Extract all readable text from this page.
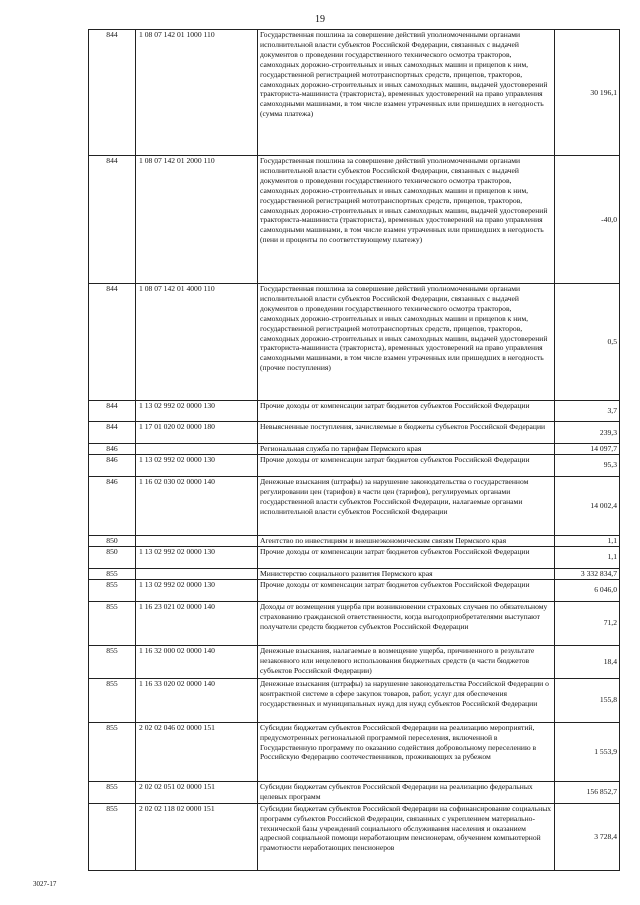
19
844	1 08 07 142 01 1000 110	Государственная пошлина за совершение действий уполномоченными органами исполнительной власти субъектов Российской Федерации, связанных с выдачей документов о проведении государственного технического осмотра тракторов, самоходных дорожно-строительных и иных самоходных машин и прицепов к ним, государственной регистрацией мототранспортных средств, прицепов, тракторов, самоходных дорожно-строительных и иных самоходных машин, выдачей удостоверений тракториста-машиниста (тракториста), временных удостоверений на право управления самоходными машинами, в том числе взамен утраченных или пришедших в негодность (сумма платежа)	30 196,1
844	1 08 07 142 01 2000 110	Государственная пошлина за совершение действий уполномоченными органами исполнительной власти субъектов Российской Федерации, связанных с выдачей документов о проведении государственного технического осмотра тракторов, самоходных дорожно-строительных и иных самоходных машин и прицепов к ним, государственной регистрацией мототранспортных средств, прицепов, тракторов, самоходных дорожно-строительных и иных самоходных машин, выдачей удостоверений тракториста-машиниста (тракториста), временных удостоверений на право управления самоходными машинами, в том числе взамен утраченных или пришедших в негодность (пени и проценты по соответствующему платежу)	-40,0
844	1 08 07 142 01 4000 110	Государственная пошлина за совершение действий уполномоченными органами исполнительной власти субъектов Российской Федерации, связанных с выдачей документов о проведении государственного технического осмотра тракторов, самоходных дорожно-строительных и иных самоходных машин и прицепов к ним, государственной регистрацией мототранспортных средств, прицепов, тракторов, самоходных дорожно-строительных и иных самоходных машин, выдачей удостоверений тракториста-машиниста (тракториста), временных удостоверений на право управления самоходными машинами, в том числе взамен утраченных или пришедших в негодность (прочие поступления)	0,5
844	1 13 02 992 02 0000 130	Прочие доходы от компенсации затрат бюджетов субъектов Российской Федерации	3,7
844	1 17 01 020 02 0000 180	Невыясненные поступления, зачисляемые в бюджеты субъектов Российской Федерации	239,3
846		Региональная служба по тарифам Пермского края	14 097,7
846	1 13 02 992 02 0000 130	Прочие доходы от компенсации затрат бюджетов субъектов Российской Федерации	95,3
846	1 16 02 030 02 0000 140	Денежные взыскания (штрафы) за нарушение законодательства о государственном регулировании цен (тарифов) в части цен (тарифов), регулируемых органами государственной власти субъектов Российской Федерации, налагаемые органами исполнительной власти субъектов Российской Федерации	14 002,4
850		Агентство по инвестициям и внешнеэкономическим связям Пермского края	1,1
850	1 13 02 992 02 0000 130	Прочие доходы от компенсации затрат бюджетов субъектов Российской Федерации	1,1
855		Министерство социального развития Пермского края	3 332 834,7
855	1 13 02 992 02 0000 130	Прочие доходы от компенсации затрат бюджетов субъектов Российской Федерации	6 046,0
855	1 16 23 021 02 0000 140	Доходы от возмещения ущерба при возникновении страховых случаев по обязательному страхованию гражданской ответственности, когда выгодоприобретателями выступают получатели средств бюджетов субъектов Российской Федерации	71,2
855	1 16 32 000 02 0000 140	Денежные взыскания, налагаемые в возмещение ущерба, причиненного в результате незаконного или нецелевого использования бюджетных средств (в части бюджетов субъектов Российской Федерации)	18,4
855	1 16 33 020 02 0000 140	Денежные взыскания (штрафы) за нарушение законодательства Российской Федерации о контрактной системе в сфере закупок товаров, работ, услуг для обеспечения государственных и муниципальных нужд для нужд субъектов Российской Федерации	155,8
855	2 02 02 046 02 0000 151	Субсидии бюджетам субъектов Российской Федерации на реализацию мероприятий, предусмотренных региональной программой переселения, включенной в Государственную программу по оказанию содействия добровольному переселению в Российскую Федерацию соотечественников, проживающих за рубежом	1 553,9
855	2 02 02 051 02 0000 151	Субсидии бюджетам субъектов Российской Федерации на реализацию федеральных целевых программ	156 852,7
855	2 02 02 118 02 0000 151	Субсидии бюджетам субъектов Российской Федерации на софинансирование социальных программ субъектов Российской Федерации, связанных с укреплением материально-технической базы учреждений социального обслуживания населения и оказанием адресной социальной помощи неработающим пенсионерам, обучением компьютерной грамотности неработающих пенсионеров	3 728,4
3027-17
